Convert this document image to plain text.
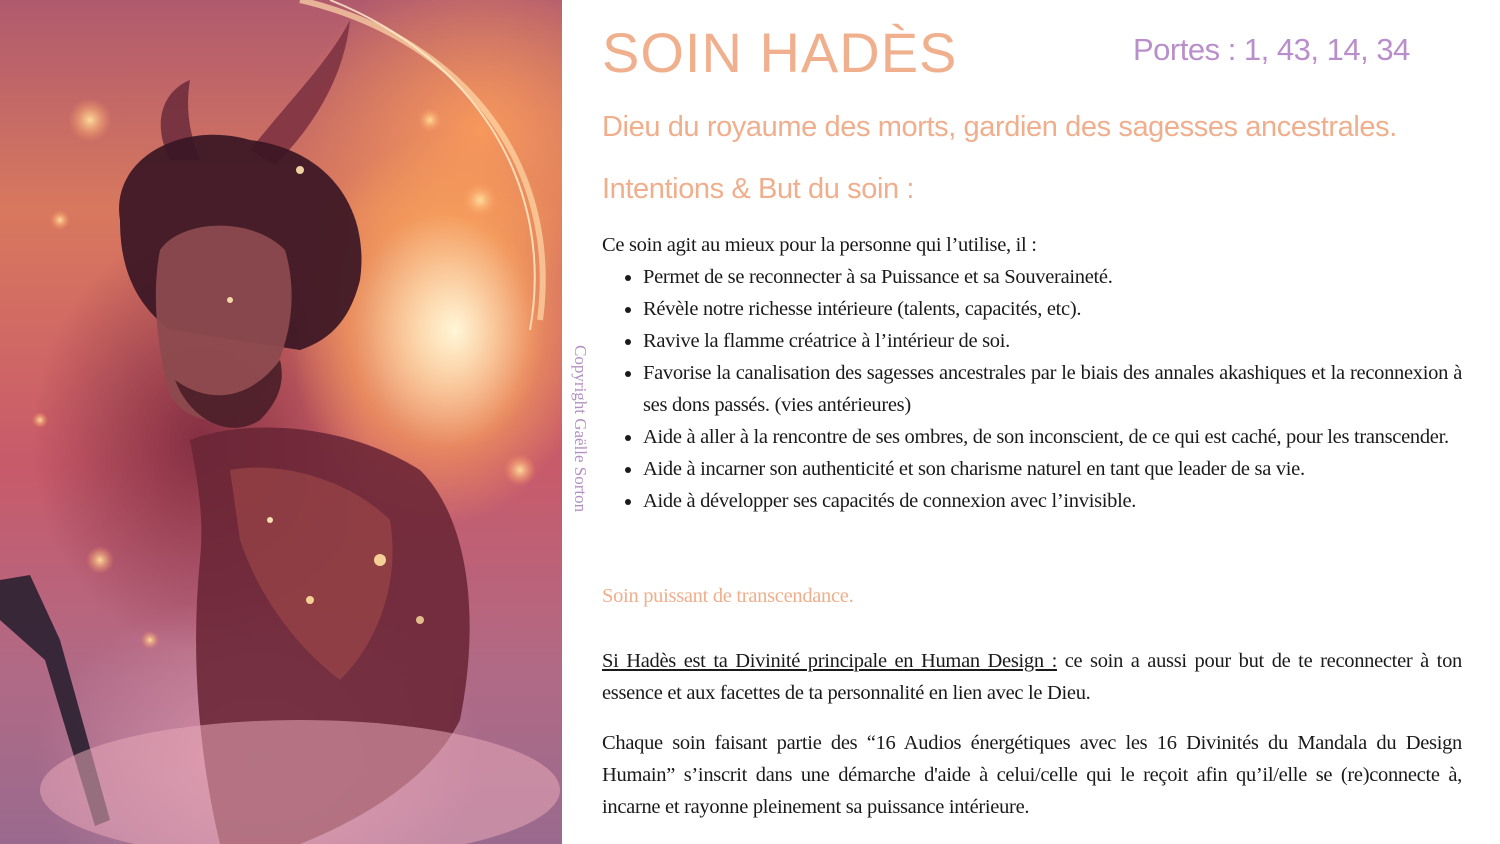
Copyright Gaëlle Sorton
SOIN HADÈS	Portes : 1, 43, 14, 34
Dieu du royaume des morts, gardien des sagesses ancestrales.
Intentions & But du soin :

Ce soin agit au mieux pour la personne qui l’utilise, il :

• Permet de se reconnecter à sa Puissance et sa Souveraineté.
• Révèle notre richesse intérieure (talents, capacités, etc).
• Ravive la flamme créatrice à l’intérieur de soi.
• Favorise la canalisation des sagesses ancestrales par le biais des annales akashiques et la reconnexion à ses dons passés. (vies antérieures)
• Aide à aller à la rencontre de ses ombres, de son inconscient, de ce qui est caché, pour les transcender.
• Aide à incarner son authenticité et son charisme naturel en tant que leader de sa vie.
• Aide à développer ses capacités de connexion avec l’invisible.
Soin puissant de transcendance.
Si Hadès est ta Divinité principale en Human Design : ce soin a aussi pour but de te reconnecter à ton essence et aux facettes de ta personnalité en lien avec le Dieu.
Chaque soin faisant partie des “16 Audios énergétiques avec les 16 Divinités du Mandala du Design Humain” s’inscrit dans une démarche d'aide à celui/celle qui le reçoit afin qu’il/elle se (re)connecte à, incarne et rayonne pleinement sa puissance intérieure.
